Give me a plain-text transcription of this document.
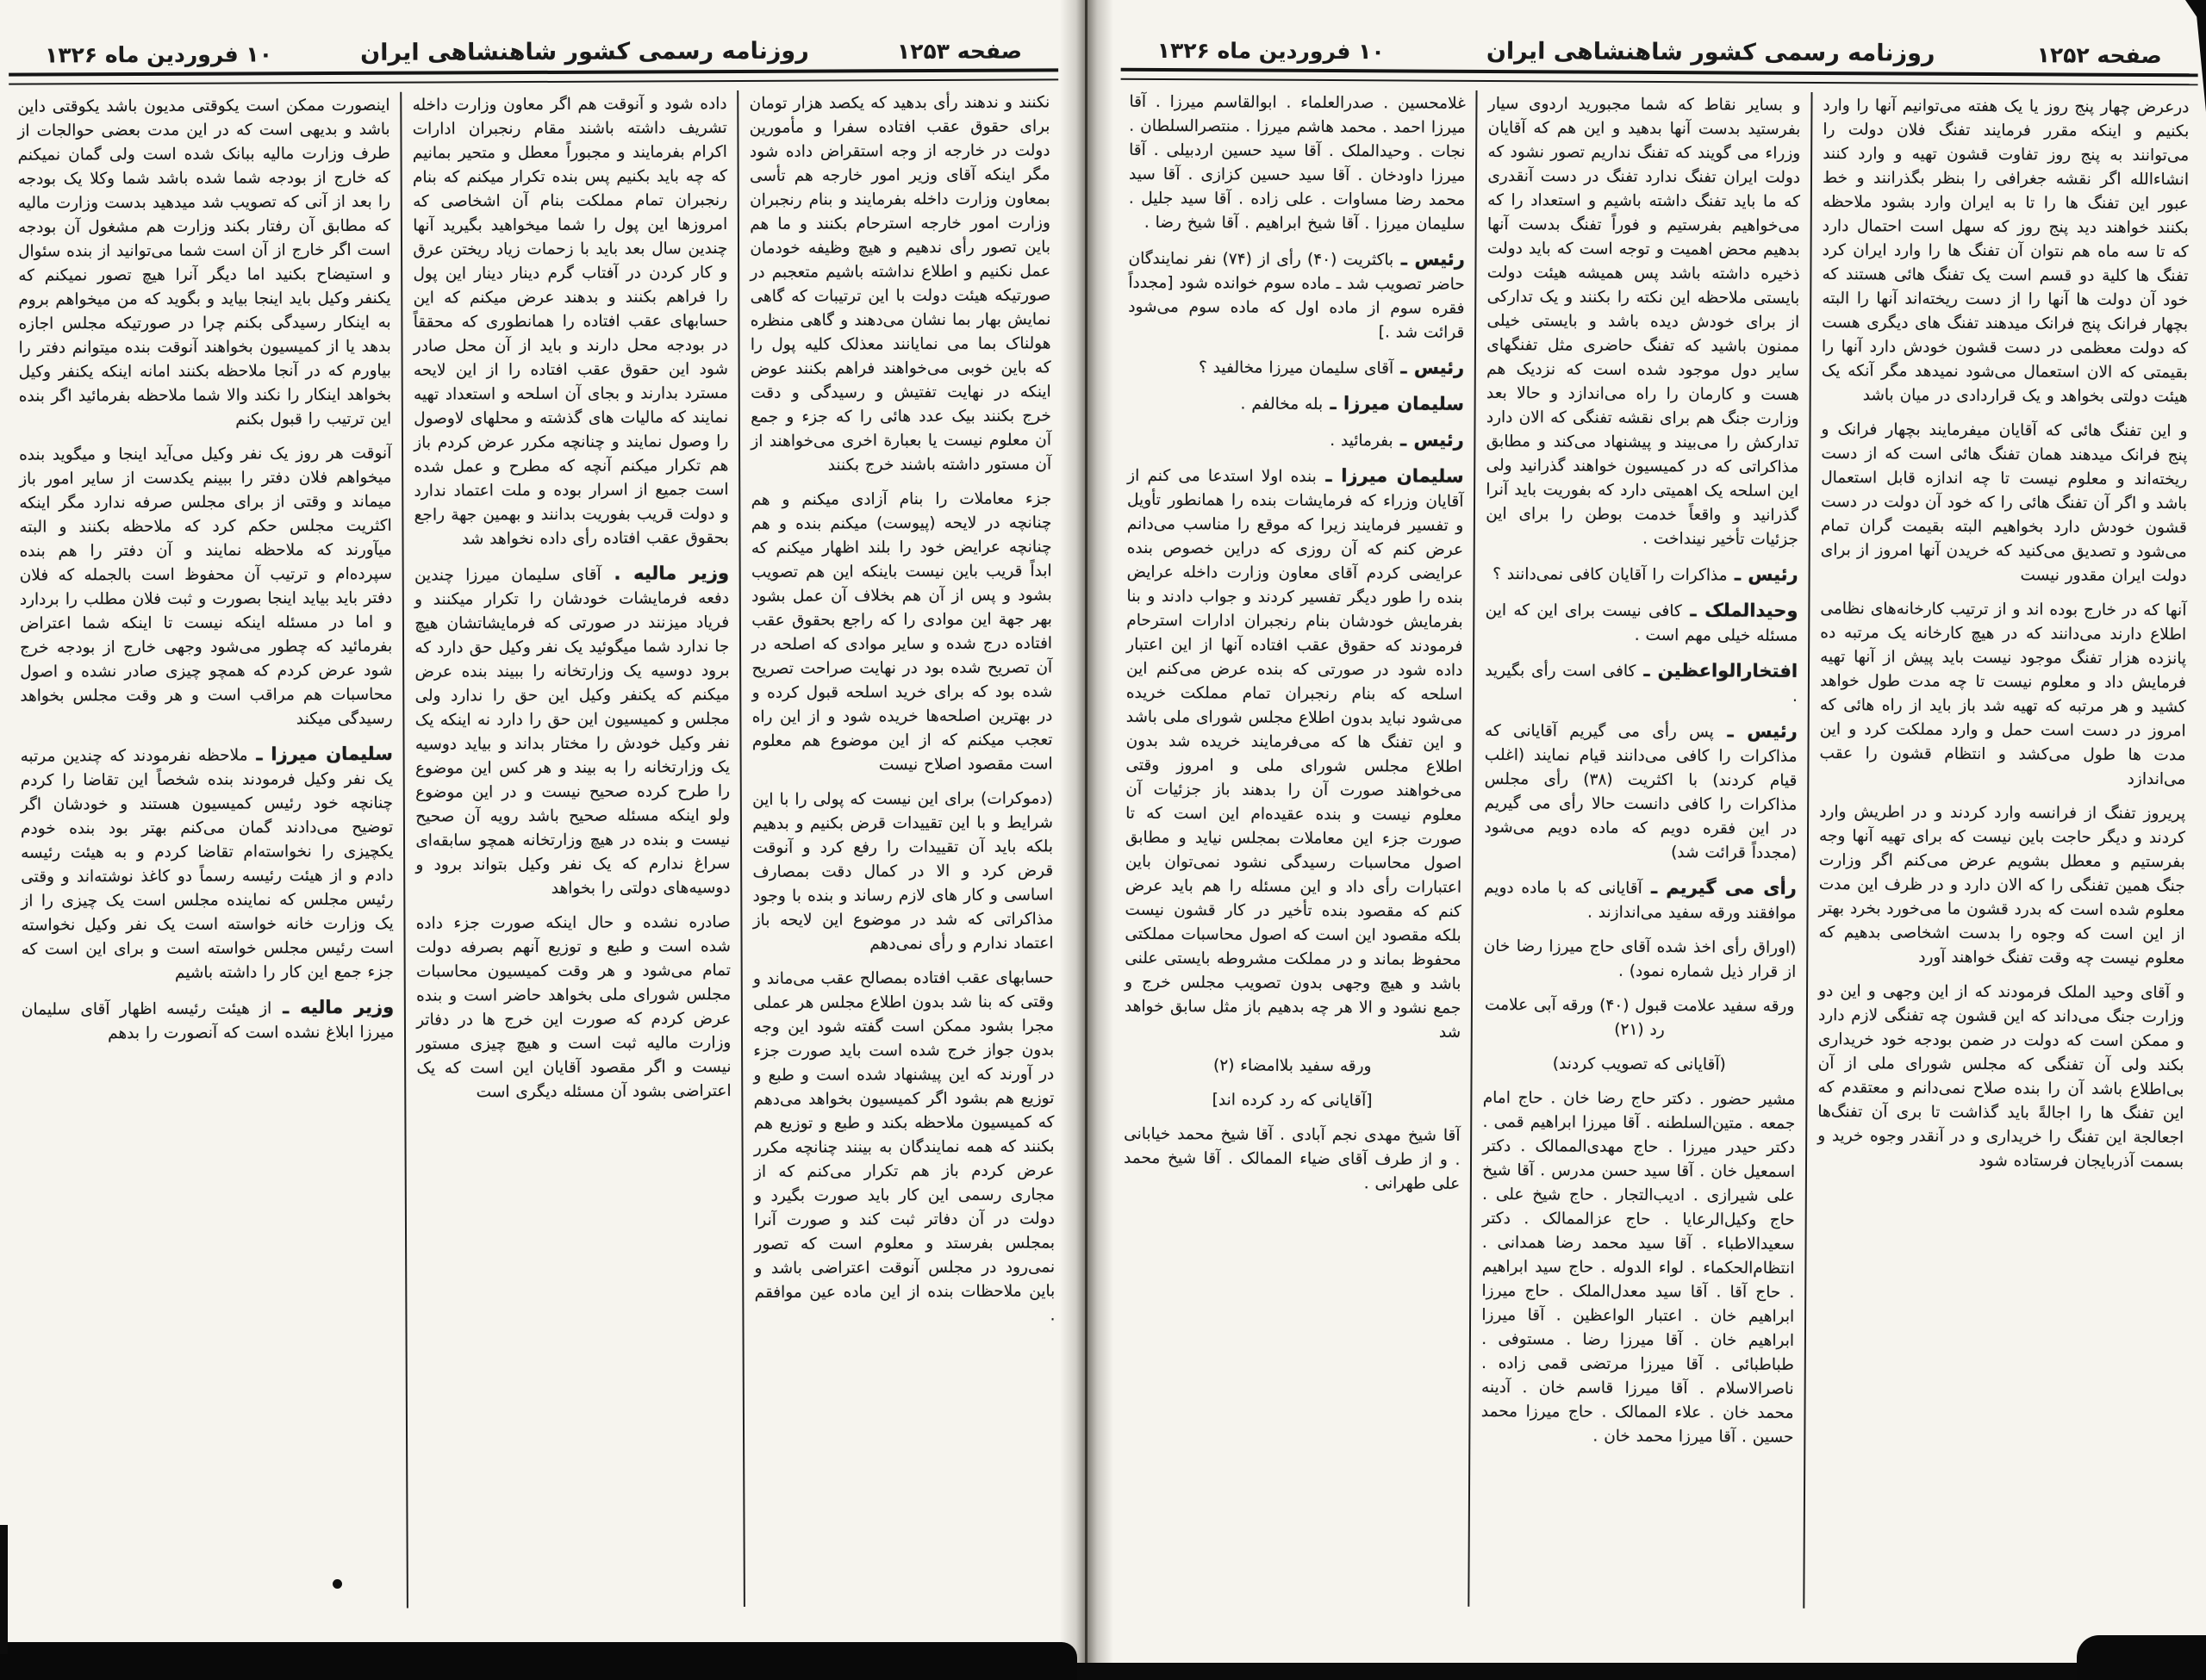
صفحه ۱۲۵۳
روزنامه رسمی کشور شاهنشاهی ایران
۱۰ فروردین ماه ۱۳۲۶

نکنند و ندهند رأی بدهید که یکصد هزار تومان برای حقوق عقب افتاده سفرا و مأمورین دولت در خارجه از وجه استقراض داده شود مگر اینکه آقای وزیر امور خارجه هم تأسی بمعاون وزارت داخله بفرمایند و بنام رنجبران وزارت امور خارجه استرحام بکنند و ما هم باین تصور رأی ندهیم و هیچ وظیفه خودمان عمل نکنیم و اطلاع نداشته باشیم متعجبم در صورتیکه هیئت دولت با این ترتیبات که گاهی نمایش بهار بما نشان می‌دهند و گاهی منظره هولناک بما می نمایانند معذلک کلیه پول را که باین خوبی می‌خواهند فراهم بکنند عوض اینکه در نهایت تفتیش و رسیدگی و دقت خرج بکنند بیک عدد هائی را که جزء و جمع آن معلوم نیست یا بعبارة اخری می‌خواهند از آن مستور داشته باشند خرج بکنند

جزء معاملات را بنام آزادی میکنم و هم چنانچه در لایحه (پیوست) میکنم بنده و هم چنانچه عرایض خود را بلند اظهار میکنم که ابداً قریب باین نیست باینکه این هم تصویب بشود و پس از آن هم بخلاف آن عمل بشود بهر جهة این موادی را که راجع بحقوق عقب افتاده درج شده و سایر موادی که اصلحه در آن تصریح شده بود در نهایت صراحت تصریح شده بود که برای خرید اسلحه قبول کرده و در بهترین اصلحه‌ها خریده شود و از این راه تعجب میکنم که از این موضوع هم معلوم است مقصود اصلاح نیست

(دموکرات) برای این نیست که پولی را با این شرایط و با این تقییدات قرض بکنیم و بدهیم بلکه باید آن تقییدات را رفع کرد و آنوقت قرض کرد و الا در کمال دقت بمصارف اساسی و کار های لازم رساند و بنده با وجود مذاکراتی که شد در موضوع این لایحه باز اعتماد ندارم و رأی نمی‌دهم

حسابهای عقب افتاده بمصالح عقب می‌ماند و وقتی که بنا شد بدون اطلاع مجلس هر عملی مجرا بشود ممکن است گفته شود این وجه بدون جواز خرج شده است باید صورت جزء در آورند که این پیشنهاد شده است و طبع و توزیع هم بشود اگر کمیسیون بخواهد می‌دهم که کمیسیون ملاحظه بکند و طبع و توزیع هم بکنند که همه نمایندگان به بینند چنانچه مکرر عرض کردم باز هم تکرار می‌کنم که از مجاری رسمی این کار باید صورت بگیرد و دولت در آن دفاتر ثبت کند و صورت آنرا بمجلس بفرستد و معلوم است که تصور نمی‌رود در مجلس آنوقت اعتراضی باشد و باین ملاحظات بنده از این ماده عین موافقم .

داده شود و آنوقت هم اگر معاون وزارت داخله تشریف داشته باشند مقام رنجبران ادارات اکرام بفرمایند و مجبوراً معطل و متحیر بمانیم که چه باید بکنیم پس بنده تکرار میکنم که بنام رنجبران تمام مملکت بنام آن اشخاصی که امروزها این پول را شما میخواهید بگیرید آنها چندین سال بعد باید با زحمات زیاد ریختن عرق و کار کردن در آفتاب گرم دینار دینار این پول را فراهم بکنند و بدهند عرض میکنم که این حسابهای عقب افتاده را همانطوری که محققاً در بودجه محل دارند و باید از آن محل صادر شود این حقوق عقب افتاده را از این لایحه مسترد بدارند و بجای آن اسلحه و استعداد تهیه نمایند که مالیات های گذشته و محلهای لاوصول را وصول نمایند و چنانچه مکرر عرض کردم باز هم تکرار میکنم آنچه که مطرح و عمل شده است جمیع از اسرار بوده و ملت اعتماد ندارد و دولت قریب بفوریت بدانند و بهمین جهة راجع بحقوق عقب افتاده رأی داده نخواهد شد

وزیر مالیه . آقای سلیمان میرزا چندین دفعه فرمایشات خودشان را تکرار میکنند و فریاد میزنند در صورتی که فرمایشاتشان هیچ جا ندارد شما میگوئید یک نفر وکیل حق دارد که برود دوسیه یک وزارتخانه را ببیند بنده عرض میکنم که یکنفر وکیل این حق را ندارد ولی مجلس و کمیسیون این حق را دارد نه اینکه یک نفر وکیل خودش را مختار بداند و بیاید دوسیه یک وزارتخانه را به بیند و هر کس این موضوع را طرح کرده صحیح نیست و در این موضوع ولو اینکه مسئله صحیح باشد رویه آن صحیح نیست و بنده در هیچ وزارتخانه همچو سابقه‌ای سراغ ندارم که یک نفر وکیل بتواند برود و دوسیه‌های دولتی را بخواهد

صادره نشده و حال اینکه صورت جزء داده شده است و طبع و توزیع آنهم بصرفه دولت تمام می‌شود و هر وقت کمیسیون محاسبات مجلس شورای ملی بخواهد حاضر است و بنده عرض کردم که صورت این خرج ها در دفاتر وزارت مالیه ثبت است و هیچ چیزی مستور نیست و اگر مقصود آقایان این است که یک اعتراضی بشود آن مسئله دیگری است

اینصورت ممکن است یکوقتی مدیون باشد یکوقتی داین باشد و بدیهی است که در این مدت بعضی حوالجات از طرف وزارت مالیه ببانک شده است ولی گمان نمیکنم که خارج از بودجه شما شده باشد شما وکلا یک بودجه را بعد از آنی که تصویب شد میدهید بدست وزارت مالیه که مطابق آن رفتار بکند وزارت هم مشغول آن بودجه است اگر خارج از آن است شما می‌توانید از بنده سئوال و استیضاح بکنید اما دیگر آنرا هیچ تصور نمیکنم که یکنفر وکیل باید اینجا بیاید و بگوید که من میخواهم بروم به اینکار رسیدگی بکنم چرا در صورتیکه مجلس اجازه بدهد یا از کمیسیون بخواهند آنوقت بنده میتوانم دفتر را بیاورم که در آنجا ملاحظه بکنند امانه اینکه یکنفر وکیل بخواهد اینکار را نکند والا شما ملاحظه بفرمائید اگر بنده این ترتیب را قبول بکنم

آنوقت هر روز یک نفر وکیل می‌آید اینجا و میگوید بنده میخواهم فلان دفتر را ببینم یکدست از سایر امور باز میماند و وقتی از برای مجلس صرفه ندارد مگر اینکه اکثریت مجلس حکم کرد که ملاحظه بکنند و البته میآورند که ملاحظه نمایند و آن دفتر را هم بنده سپرده‌ام و ترتیب آن محفوظ است بالجمله که فلان دفتر باید بیاید اینجا بصورت و ثبت فلان مطلب را بردارد و اما در مسئله اینکه نیست تا اینکه شما اعتراض بفرمائید که چطور می‌شود وجهی خارج از بودجه خرج شود عرض کردم که همچو چیزی صادر نشده و اصول محاسبات هم مراقب است و هر وقت مجلس بخواهد رسیدگی میکند

سلیمان میرزا ـ ملاحظه نفرمودند که چندین مرتبه یک نفر وکیل فرمودند بنده شخصاً این تقاضا را کردم چنانچه خود رئیس کمیسیون هستند و خودشان اگر توضیح می‌دادند گمان می‌کنم بهتر بود بنده خودم یکچیزی را نخواسته‌ام تقاضا کردم و به هیئت رئیسه دادم و از هیئت رئیسه رسماً دو کاغذ نوشته‌اند و وقتی رئیس مجلس که نماینده مجلس است یک چیزی را از یک وزارت خانه خواسته است یک نفر وکیل نخواسته است رئیس مجلس خواسته است و برای این است که جزء جمع این کار را داشته باشیم

وزیر مالیه ـ از هیئت رئیسه اظهار آقای سلیمان میرزا ابلاغ نشده است که آنصورت را بدهم

صفحه ۱۲۵۲
روزنامه رسمی کشور شاهنشاهی ایران
۱۰ فروردین ماه ۱۳۲۶

درعرض چهار پنج روز یا یک هفته می‌توانیم آنها را وارد بکنیم و اینکه مقرر فرمایند تفنگ فلان دولت را می‌توانند به پنج روز تفاوت قشون تهیه و وارد کنند انشاءالله اگر نقشه جغرافی را بنظر بگذرانند و خط عبور این تفنگ ها را تا به ایران وارد بشود ملاحظه بکنند خواهند دید پنج روز که سهل است احتمال دارد که تا سه ماه هم نتوان آن تفنگ ها را وارد ایران کرد تفنگ ها کلیة دو قسم است یک تفنگ هائی هستند که خود آن دولت ها آنها را از دست ریخته‌اند آنها را البته بچهار فرانک پنج فرانک میدهند تفنگ های دیگری هست که دولت معظمی در دست قشون خودش دارد آنها را بقیمتی که الان استعمال می‌شود نمیدهد مگر آنکه یک هیئت دولتی بخواهد و یک قراردادی در میان باشد

و این تفنگ هائی که آقایان میفرمایند بچهار فرانک و پنج فرانک میدهند همان تفنگ هائی است که از دست ریخته‌اند و معلوم نیست تا چه اندازه قابل استعمال باشد و اگر آن تفنگ هائی را که خود آن دولت در دست قشون خودش دارد بخواهیم البته بقیمت گران تمام می‌شود و تصدیق می‌کنید که خریدن آنها امروز از برای دولت ایران مقدور نیست

آنها که در خارج بوده اند و از ترتیب کارخانه‌های نظامی اطلاع دارند می‌دانند که در هیچ کارخانه یک مرتبه ده پانزده هزار تفنگ موجود نیست باید پیش از آنها تهیه فرمایش داد و معلوم نیست تا چه مدت طول خواهد کشید و هر مرتبه که تهیه شد باز باید از راه هائی که امروز در دست است حمل و وارد مملکت کرد و این مدت ها طول می‌کشد و انتظام قشون را عقب می‌اندازد

پریروز تفنگ از فرانسه وارد کردند و در اطریش وارد کردند و دیگر حاجت باین نیست که برای تهیه آنها وجه بفرستیم و معطل بشویم عرض می‌کنم اگر وزارت جنگ همین تفنگی را که الان دارد و در ظرف این مدت معلوم شده است که بدرد قشون ما می‌خورد بخرد بهتر از این است که وجوه را بدست اشخاصی بدهیم که معلوم نیست چه وقت تفنگ خواهند آورد

و آقای وحید الملک فرمودند که از این وجهی و این دو وزارت جنگ می‌داند که این قشون چه تفنگی لازم دارد و ممکن است که دولت در ضمن بودجه خود خریداری بکند ولی آن تفنگی که مجلس شورای ملی از آن بی‌اطلاع باشد آن را بنده صلاح نمی‌دانم و معتقدم که این تفنگ ها را اجالةً باید گذاشت تا بری آن تفنگ‌ها اجعالجة این تفنگ را خریداری و در آنقدر وجوه خرید و بسمت آذربایجان فرستاده شود

و بسایر نقاط که شما مجبورید اردوی سیار بفرستید بدست آنها بدهید و این هم که آقایان وزراء می گویند که تفنگ نداریم تصور نشود که دولت ایران تفنگ ندارد تفنگ در دست آنقدری که ما باید تفنگ داشته باشیم و استعداد را که می‌خواهیم بفرستیم و فوراً تفنگ بدست آنها بدهیم محض اهمیت و توجه است که باید دولت ذخیره داشته باشد پس همیشه هیئت دولت بایستی ملاحظه این نکته را بکنند و یک تدارکی از برای خودش دیده باشد و بایستی خیلی ممنون باشید که تفنگ حاضری مثل تفنگهای سایر دول موجود شده است که نزدیک هم هست و کارمان را راه می‌اندازد و حالا بعد وزارت جنگ هم برای نقشه تفنگی که الان دارد تدارکش را می‌بیند و پیشنهاد می‌کند و مطابق مذاکراتی که در کمیسیون خواهند گذرانید ولی این اسلحه یک اهمیتی دارد که بفوریت باید آنرا گذرانید و واقعاً خدمت بوطن را برای این جزئیات تأخیر نینداخت .

رئیس ـ مذاکرات را آقایان کافی نمی‌دانند ؟

وحیدالملک ـ کافی نیست برای این که این مسئله خیلی مهم است .

افتخارالواعظین ـ کافی است رأی بگیرید .

رئیس ـ پس رأی می گیریم آقایانی که مذاکرات را کافی می‌دانند قیام نمایند (اغلب قیام کردند) با اکثریت (۳۸) رأی مجلس مذاکرات را کافی دانست حالا رأی می گیریم در این فقره دویم که ماده دویم می‌شود (مجدداً قرائت شد)

رأی می گیریم ـ آقایانی که با ماده دویم موافقند ورقه سفید می‌اندازند .

(اوراق رأی اخذ شده آقای حاج میرزا رضا خان از قرار ذیل شماره نمود) .

ورقه سفید علامت قبول (۴۰) ورقه آبی علامت رد (۲۱)

(آقایانی که تصویب کردند)

مشیر حضور . دکتر حاج رضا خان . حاج امام جمعه . متین‌السلطنه . آقا میرزا ابراهیم قمی . دکتر حیدر میرزا . حاج مهدی‌الممالک . دکتر اسمعیل خان . آقا سید حسن مدرس . آقا شیخ علی شیرازی . ادیب‌التجار . حاج شیخ علی . حاج وکیل‌الرعایا . حاج عزالممالک . دکتر سعیدالاطباء . آقا سید محمد رضا همدانی . انتظام‌الحکماء . لواء الدوله . حاج سید ابراهیم . حاج آقا . آقا سید معدل‌الملک . حاج میرزا ابراهیم خان . اعتبار الواعظین . آقا میرزا ابراهیم خان . آقا میرزا رضا . مستوفی . طباطبائی . آقا میرزا مرتضی قمی زاده . ناصرالاسلام . آقا میرزا قاسم خان . آدینه محمد خان . علاء الممالک . حاج میرزا محمد حسین . آقا میرزا محمد خان .

غلامحسین . صدرالعلماء . ابوالقاسم میرزا . آقا میرزا احمد . محمد هاشم میرزا . منتصرالسلطان . نجات . وحیدالملک . آقا سید حسین اردبیلی . آقا میرزا داودخان . آقا سید حسین کزازی . آقا سید محمد رضا مساوات . علی زاده . آقا سید جلیل . سلیمان میرزا . آقا شیخ ابراهیم . آقا شیخ رضا .

رئیس ـ باکثریت (۴۰) رأی از (۷۴) نفر نمایندگان حاضر تصویب شد ـ ماده سوم خوانده شود [مجدداً فقره سوم از ماده اول که ماده سوم می‌شود قرائت شد .]

رئیس ـ آقای سلیمان میرزا مخالفید ؟

سلیمان میرزا ـ بله مخالفم .

رئیس ـ بفرمائید .

سلیمان میرزا ـ بنده اولا استدعا می کنم از آقایان وزراء که فرمایشات بنده را همانطور تأویل و تفسیر فرمایند زیرا که موقع را مناسب می‌دانم عرض کنم که آن روزی که دراین خصوص بنده عرایضی کردم آقای معاون وزارت داخله عرایض بنده را طور دیگر تفسیر کردند و جواب دادند و بنا بفرمایش خودشان بنام رنجبران ادارات استرحام فرمودند که حقوق عقب افتاده آنها از این اعتبار داده شود در صورتی که بنده عرض می‌کنم این اسلحه که بنام رنجبران تمام مملکت خریده می‌شود نباید بدون اطلاع مجلس شورای ملی باشد و این تفنگ ها که می‌فرمایند خریده شد بدون اطلاع مجلس شورای ملی و امروز وقتی می‌خواهند صورت آن را بدهند باز جزئیات آن معلوم نیست و بنده عقیده‌ام این است که تا صورت جزء این معاملات بمجلس نیاید و مطابق اصول محاسبات رسیدگی نشود نمی‌توان باین اعتبارات رأی داد و این مسئله را هم باید عرض کنم که مقصود بنده تأخیر در کار قشون نیست بلکه مقصود این است که اصول محاسبات مملکتی محفوظ بماند و در مملکت مشروطه بایستی علنی باشد و هیچ وجهی بدون تصویب مجلس خرج و جمع نشود و الا هر چه بدهیم باز مثل سابق خواهد شد

ورقه سفید بلاامضاء (۲)

[آقایانی که رد کرده اند]

آقا شیخ مهدی نجم آبادی . آقا شیخ محمد خیابانی . و از طرف آقای ضیاء الممالک . آقا شیخ محمد علی طهرانی .
